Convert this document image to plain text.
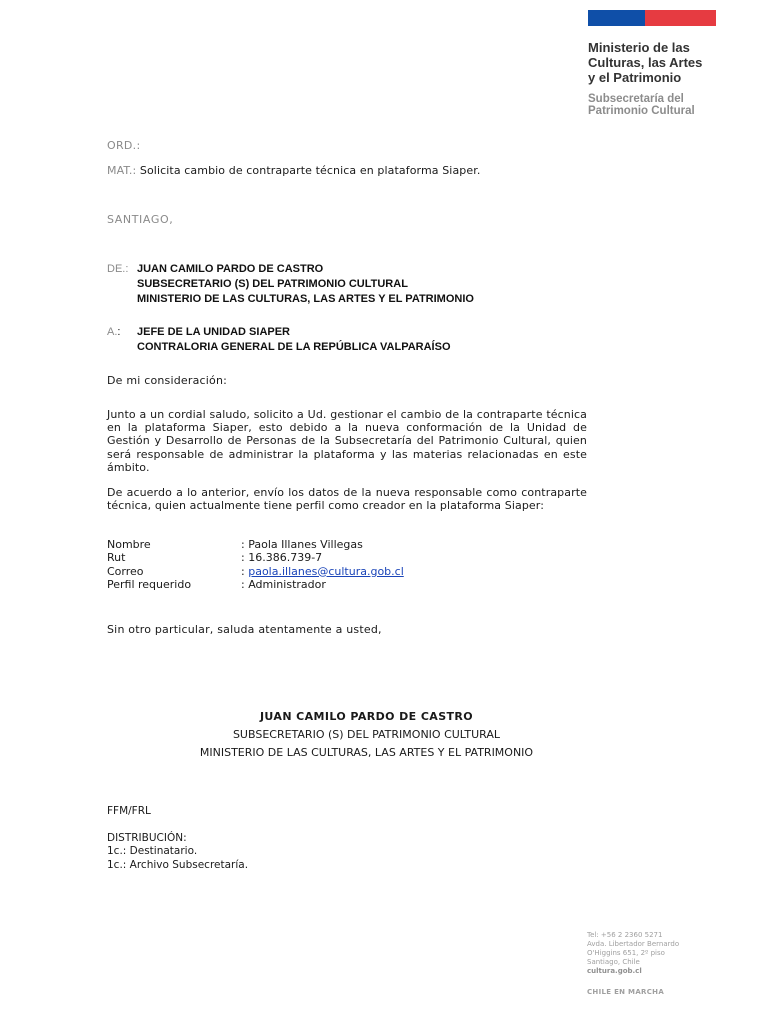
Ministerio de las
Culturas, las Artes
y el Patrimonio
Subsecretaría del
Patrimonio Cultural
ORD.:
MAT.: Solicita cambio de contraparte técnica en plataforma Siaper.
SANTIAGO,
DE.: JUAN CAMILO PARDO DE CASTRO
SUBSECRETARIO (S) DEL PATRIMONIO CULTURAL
MINISTERIO DE LAS CULTURAS, LAS ARTES Y EL PATRIMONIO
A.: JEFE DE LA UNIDAD SIAPER
CONTRALORIA GENERAL DE LA REPÚBLICA VALPARAÍSO
De mi consideración:
Junto a un cordial saludo, solicito a Ud. gestionar el cambio de la contraparte técnica en la plataforma Siaper, esto debido a la nueva conformación de la Unidad de Gestión y Desarrollo de Personas de la Subsecretaría del Patrimonio Cultural, quien será responsable de administrar la plataforma y las materias relacionadas en este ámbito.
De acuerdo a lo anterior, envío los datos de la nueva responsable como contraparte técnica, quien actualmente tiene perfil como creador en la plataforma Siaper:
Nombre	:
Paola Illanes Villegas
Rut	:
16.386.739-7
Correo	:
paola.illanes@cultura.gob.cl
Perfil requerido	:
Administrador
Sin otro particular, saluda atentamente a usted,
JUAN CAMILO PARDO DE CASTRO
SUBSECRETARIO (S) DEL PATRIMONIO CULTURAL
MINISTERIO DE LAS CULTURAS, LAS ARTES Y EL PATRIMONIO
FFM/FRL
DISTRIBUCIÓN:
1c.: Destinatario.
1c.: Archivo Subsecretaría.
Tel: +56 2 2360 5271
Avda. Libertador Bernardo
O'Higgins 651, 2º piso
Santiago, Chile
cultura.gob.cl
CHILE EN MARCHA
